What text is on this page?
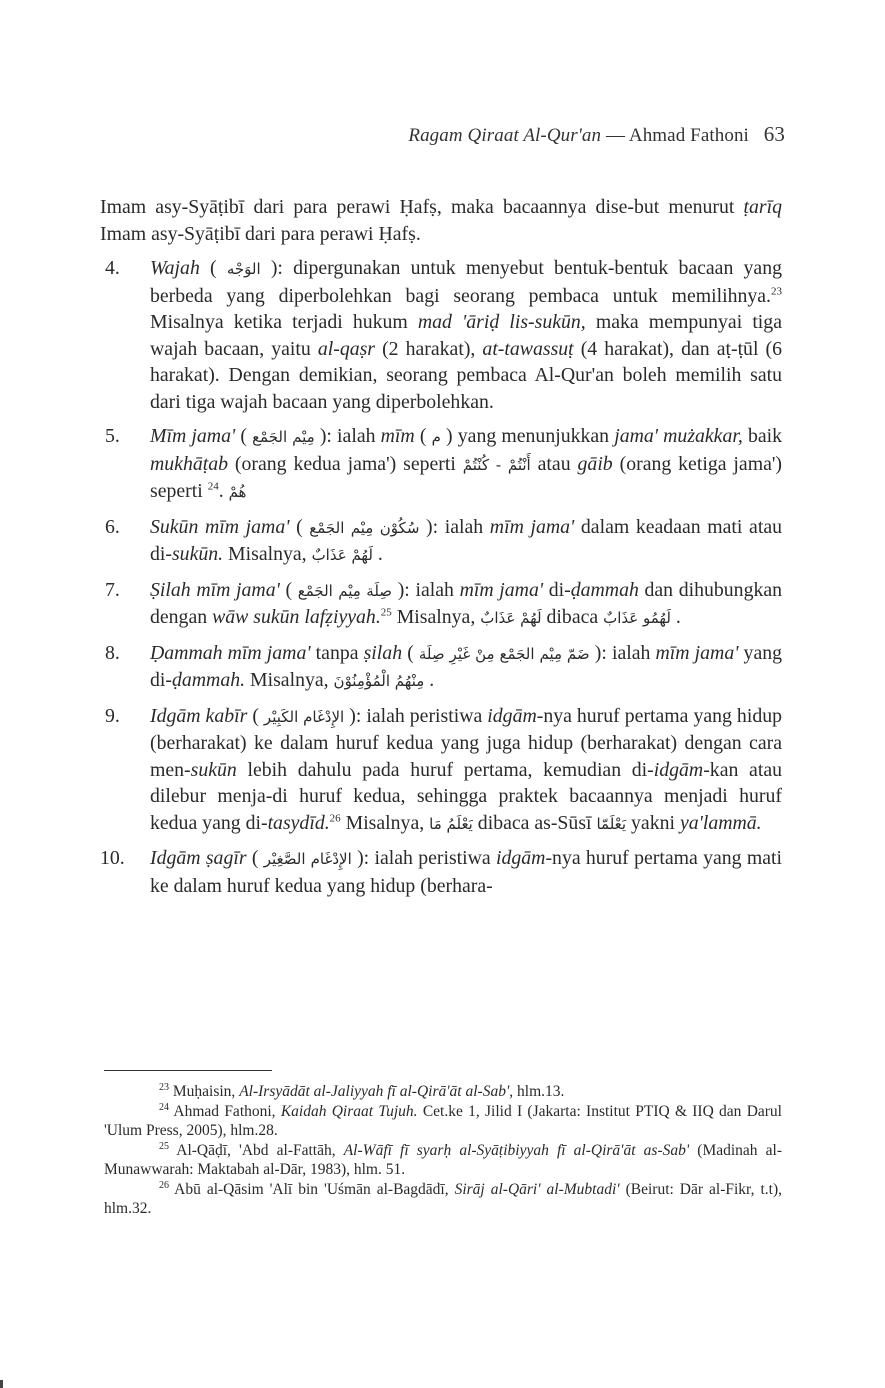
Ragam Qiraat Al-Qur'an — Ahmad Fathoni 63

Imam asy-Syāṭibī dari para perawi Ḥafṣ, maka bacaannya dise-but menurut ṭarīq Imam asy-Syāṭibī dari para perawi Ḥafṣ.

4. Wajah ( الوَجْه ): dipergunakan untuk menyebut bentuk-bentuk bacaan yang berbeda yang diperbolehkan bagi seorang pembaca untuk memilihnya.$^{23}$ Misalnya ketika terjadi hukum mad 'āriḍ lis-sukūn, maka mempunyai tiga wajah bacaan, yaitu al-qaṣr (2 harakat), at-tawassuṭ (4 harakat), dan aṭ-ṭūl (6 harakat). Dengan demikian, seorang pembaca Al-Qur'an boleh memilih satu dari tiga wajah bacaan yang diperbolehkan.

5. Mīm jama' ( مِيْم الجَمْع ): ialah mīm ( م ) yang menunjukkan jama' mużakkar, baik mukhāṭab (orang kedua jama') seperti أَنْتُمْ - كُنْتُمْ atau gāib (orang ketiga jama') seperti هُمْ .$^{24}$

6. Sukūn mīm jama' ( سُكُوْن مِيْم الجَمْع ): ialah mīm jama' dalam keadaan mati atau di-sukūn. Misalnya, لَهُمْ عَذَابٌ .

7. Ṣilah mīm jama' ( صِلَة مِيْم الجَمْع ): ialah mīm jama' di-ḍammah dan dihubungkan dengan wāw sukūn lafẓiyyah.$^{25}$ Misalnya, لَهُمْ عَذَابٌ dibaca لَهُمُو عَذَابٌ .

8. Ḍammah mīm jama' tanpa ṣilah ( ضَمّ مِيْم الجَمْع مِنْ غَيْرِ صِلَة ): ialah mīm jama' yang di-ḍammah. Misalnya, مِنْهُمُ الْمُؤْمِنُوْنَ .

9. Idgām kabīr ( الإِدْغَام الكَبِيْر ): ialah peristiwa idgām-nya huruf pertama yang hidup (berharakat) ke dalam huruf kedua yang juga hidup (berharakat) dengan cara men-sukūn lebih dahulu pada huruf pertama, kemudian di-idgām-kan atau dilebur menja-di huruf kedua, sehingga praktek bacaannya menjadi huruf kedua yang di-tasydīd.$^{26}$ Misalnya, يَعْلَمُ مَا dibaca as-Sūsī يَعْلَمّا yakni ya'lammā.

10. Idgām ṣagīr ( الإِدْغَام الصَّغِيْر ): ialah peristiwa idgām-nya huruf pertama yang mati ke dalam huruf kedua yang hidup (berhara-

$^{23}$ Muḥaisin, Al-Irsyādāt al-Jaliyyah fī al-Qirā'āt al-Sab', hlm.13.

$^{24}$ Ahmad Fathoni, Kaidah Qiraat Tujuh. Cet.ke 1, Jilid I (Jakarta: Institut PTIQ & IIQ dan Darul 'Ulum Press, 2005), hlm.28.

$^{25}$ Al-Qāḍī, 'Abd al-Fattāh, Al-Wāfī fī syarḥ al-Syāṭibiyyah fī al-Qirā'āt as-Sab' (Madinah al-Munawwarah: Maktabah al-Dār, 1983), hlm. 51.

$^{26}$ Abū al-Qāsim 'Alī bin 'Uśmān al-Bagdādī, Sirāj al-Qāri' al-Mubtadi' (Beirut: Dār al-Fikr, t.t), hlm.32.
